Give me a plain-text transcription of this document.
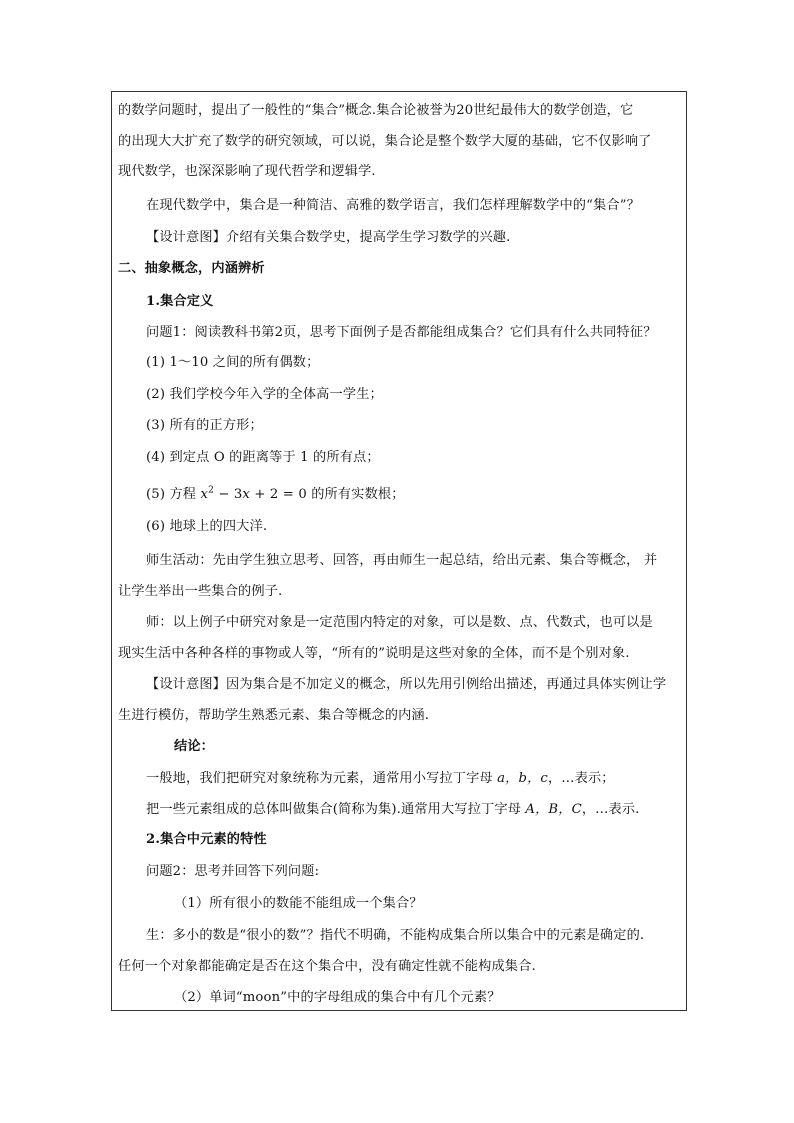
的数学问题时，提出了一般性的“集合”概念.集合论被誉为20世纪最伟大的数学创造，它
的出现大大扩充了数学的研究领域，可以说，集合论是整个数学大厦的基础，它不仅影响了
现代数学，也深深影响了现代哲学和逻辑学.
在现代数学中，集合是一种简洁、高雅的数学语言，我们怎样理解数学中的“集合”？
【设计意图】介绍有关集合数学史，提高学生学习数学的兴趣.
二、抽象概念，内涵辨析
1.集合定义
问题1：阅读教科书第2页，思考下面例子是否都能组成集合？它们具有什么共同特征？
(1) 1～10 之间的所有偶数；
(2) 我们学校今年入学的全体高一学生；
(3) 所有的正方形；
(4) 到定点 O 的距离等于 1 的所有点；
(5) 方程 $x^2 - 3x + 2 = 0$ 的所有实数根；
(6) 地球上的四大洋.
师生活动：先由学生独立思考、回答，再由师生一起总结，给出元素、集合等概念， 并
让学生举出一些集合的例子.
师：以上例子中研究对象是一定范围内特定的对象，可以是数、点、代数式，也可以是
现实生活中各种各样的事物或人等，“所有的”说明是这些对象的全体，而不是个别对象.
【设计意图】因为集合是不加定义的概念，所以先用引例给出描述，再通过具体实例让学
生进行模仿，帮助学生熟悉元素、集合等概念的内涵.
结论：
一般地，我们把研究对象统称为元素，通常用小写拉丁字母 a，b，c，…表示；
把一些元素组成的总体叫做集合(简称为集).通常用大写拉丁字母 A，B，C，…表示.
2.集合中元素的特性
问题2：思考并回答下列问题:
（1）所有很小的数能不能组成一个集合？
生：多小的数是“很小的数”？指代不明确，不能构成集合所以集合中的元素是确定的.
任何一个对象都能确定是否在这个集合中，没有确定性就不能构成集合.
（2）单词“moon”中的字母组成的集合中有几个元素？
